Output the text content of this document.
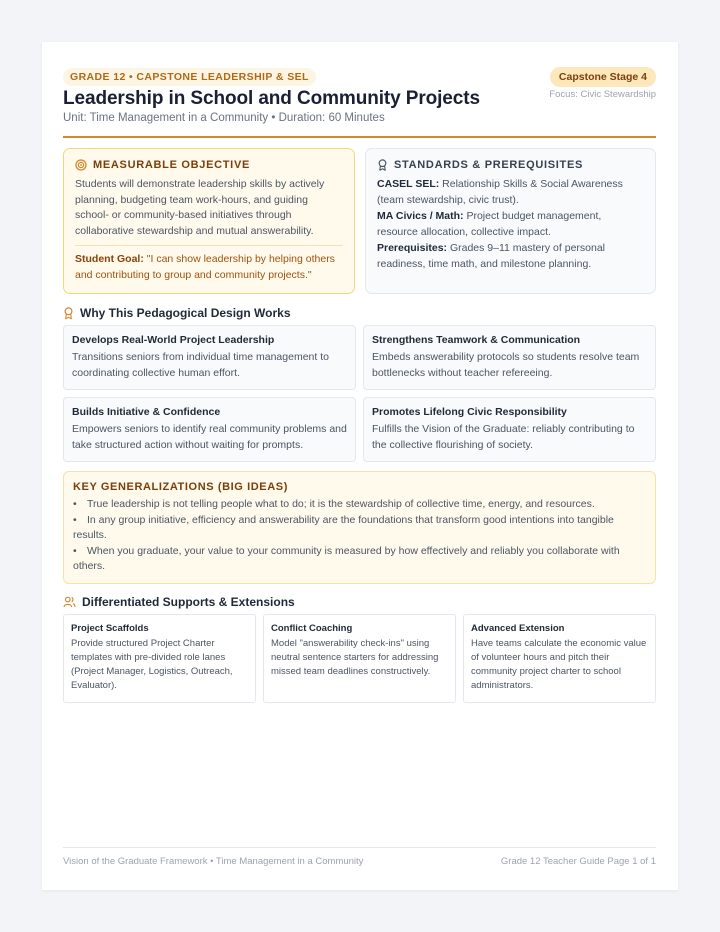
GRADE 12 • CAPSTONE LEADERSHIP & SEL
Leadership in School and Community Projects
Unit: Time Management in a Community • Duration: 60 Minutes
Capstone Stage 4
Focus: Civic Stewardship
MEASURABLE OBJECTIVE
Students will demonstrate leadership skills by actively planning, budgeting team work-hours, and guiding school- or community-based initiatives through collaborative stewardship and mutual answerability.
Student Goal: "I can show leadership by helping others and contributing to group and community projects."
STANDARDS & PREREQUISITES
CASEL SEL: Relationship Skills & Social Awareness (team stewardship, civic trust).
MA Civics / Math: Project budget management, resource allocation, collective impact.
Prerequisites: Grades 9–11 mastery of personal readiness, time math, and milestone planning.
Why This Pedagogical Design Works
Develops Real-World Project Leadership
Transitions seniors from individual time management to coordinating collective human effort.
Strengthens Teamwork & Communication
Embeds answerability protocols so students resolve team bottlenecks without teacher refereeing.
Builds Initiative & Confidence
Empowers seniors to identify real community problems and take structured action without waiting for prompts.
Promotes Lifelong Civic Responsibility
Fulfills the Vision of the Graduate: reliably contributing to the collective flourishing of society.
KEY GENERALIZATIONS (BIG IDEAS)
• True leadership is not telling people what to do; it is the stewardship of collective time, energy, and resources.
• In any group initiative, efficiency and answerability are the foundations that transform good intentions into tangible results.
• When you graduate, your value to your community is measured by how effectively and reliably you collaborate with others.
Differentiated Supports & Extensions
Project Scaffolds
Provide structured Project Charter templates with pre-divided role lanes (Project Manager, Logistics, Outreach, Evaluator).
Conflict Coaching
Model "answerability check-ins" using neutral sentence starters for addressing missed team deadlines constructively.
Advanced Extension
Have teams calculate the economic value of volunteer hours and pitch their community project charter to school administrators.
Vision of the Graduate Framework • Time Management in a Community	Grade 12 Teacher Guide Page 1 of 1
